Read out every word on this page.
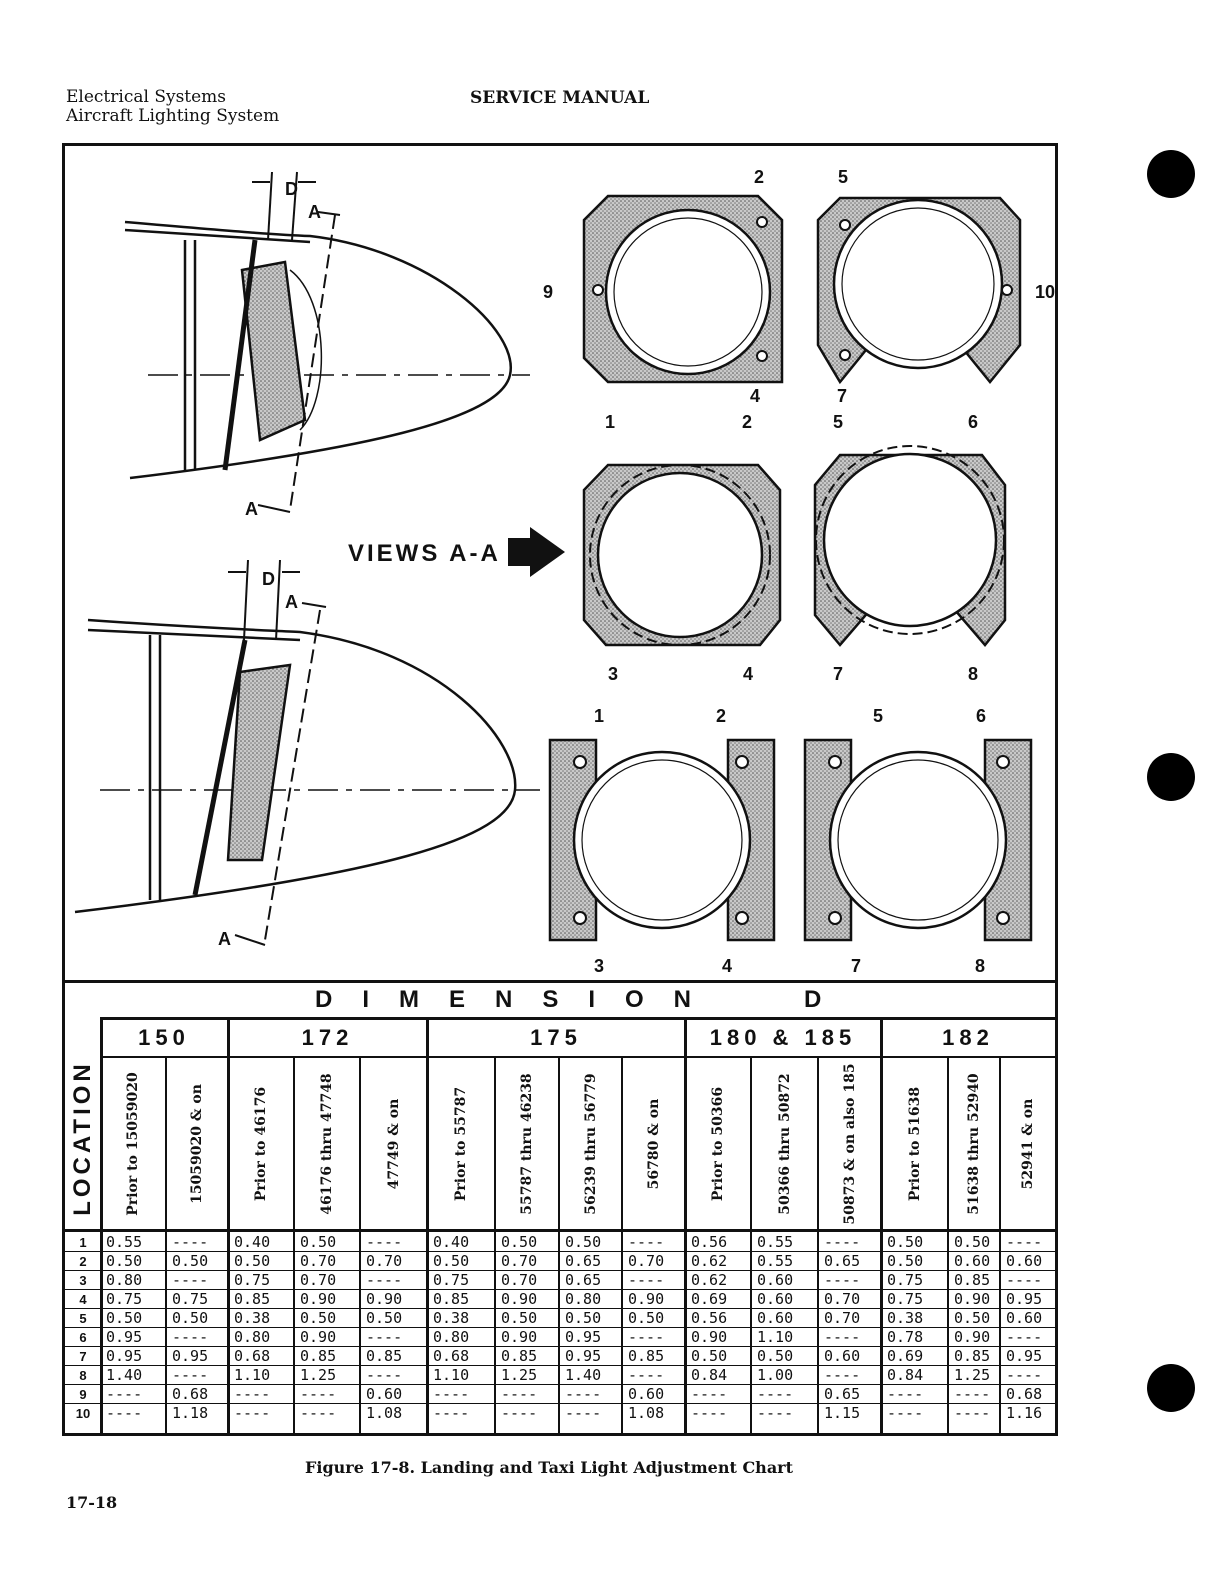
Electrical Systems
Aircraft Lighting System
SERVICE MANUAL
D
A
A
D
A
A
VIEWS A-A
2	5
9	10
4	7
1	2	5	6
3	4	7	8
1	2	5	6
3	4	7	8
DIMENSION	D
LOCATION
150
Prior to 15059020	15059020 & on
172
Prior to 46176	46176 thru 47748	47749 & on
175
Prior to 55787	55787 thru 46238	56239 thru 56779	56780 & on
180 & 185
Prior to 50366	50366 thru 50872	50873 & on also 185
182
Prior to 51638	51638 thru 52940	52941 & on
1	0.55	----	0.40	0.50	----	0.40	0.50	0.50	----	0.56	0.55	----	0.50	0.50	----
2	0.50	0.50	0.50	0.70	0.70	0.50	0.70	0.65	0.70	0.62	0.55	0.65	0.50	0.60	0.60
3	0.80	----	0.75	0.70	----	0.75	0.70	0.65	----	0.62	0.60	----	0.75	0.85	----
4	0.75	0.75	0.85	0.90	0.90	0.85	0.90	0.80	0.90	0.69	0.60	0.70	0.75	0.90	0.95
5	0.50	0.50	0.38	0.50	0.50	0.38	0.50	0.50	0.50	0.56	0.60	0.70	0.38	0.50	0.60
6	0.95	----	0.80	0.90	----	0.80	0.90	0.95	----	0.90	1.10	----	0.78	0.90	----
7	0.95	0.95	0.68	0.85	0.85	0.68	0.85	0.95	0.85	0.50	0.50	0.60	0.69	0.85	0.95
8	1.40	----	1.10	1.25	----	1.10	1.25	1.40	----	0.84	1.00	----	0.84	1.25	----
9	----	0.68	----	----	0.60	----	----	----	0.60	----	----	0.65	----	----	0.68
10	----	1.18	----	----	1.08	----	----	----	1.08	----	----	1.15	----	----	1.16
Figure 17-8. Landing and Taxi Light Adjustment Chart
17-18
